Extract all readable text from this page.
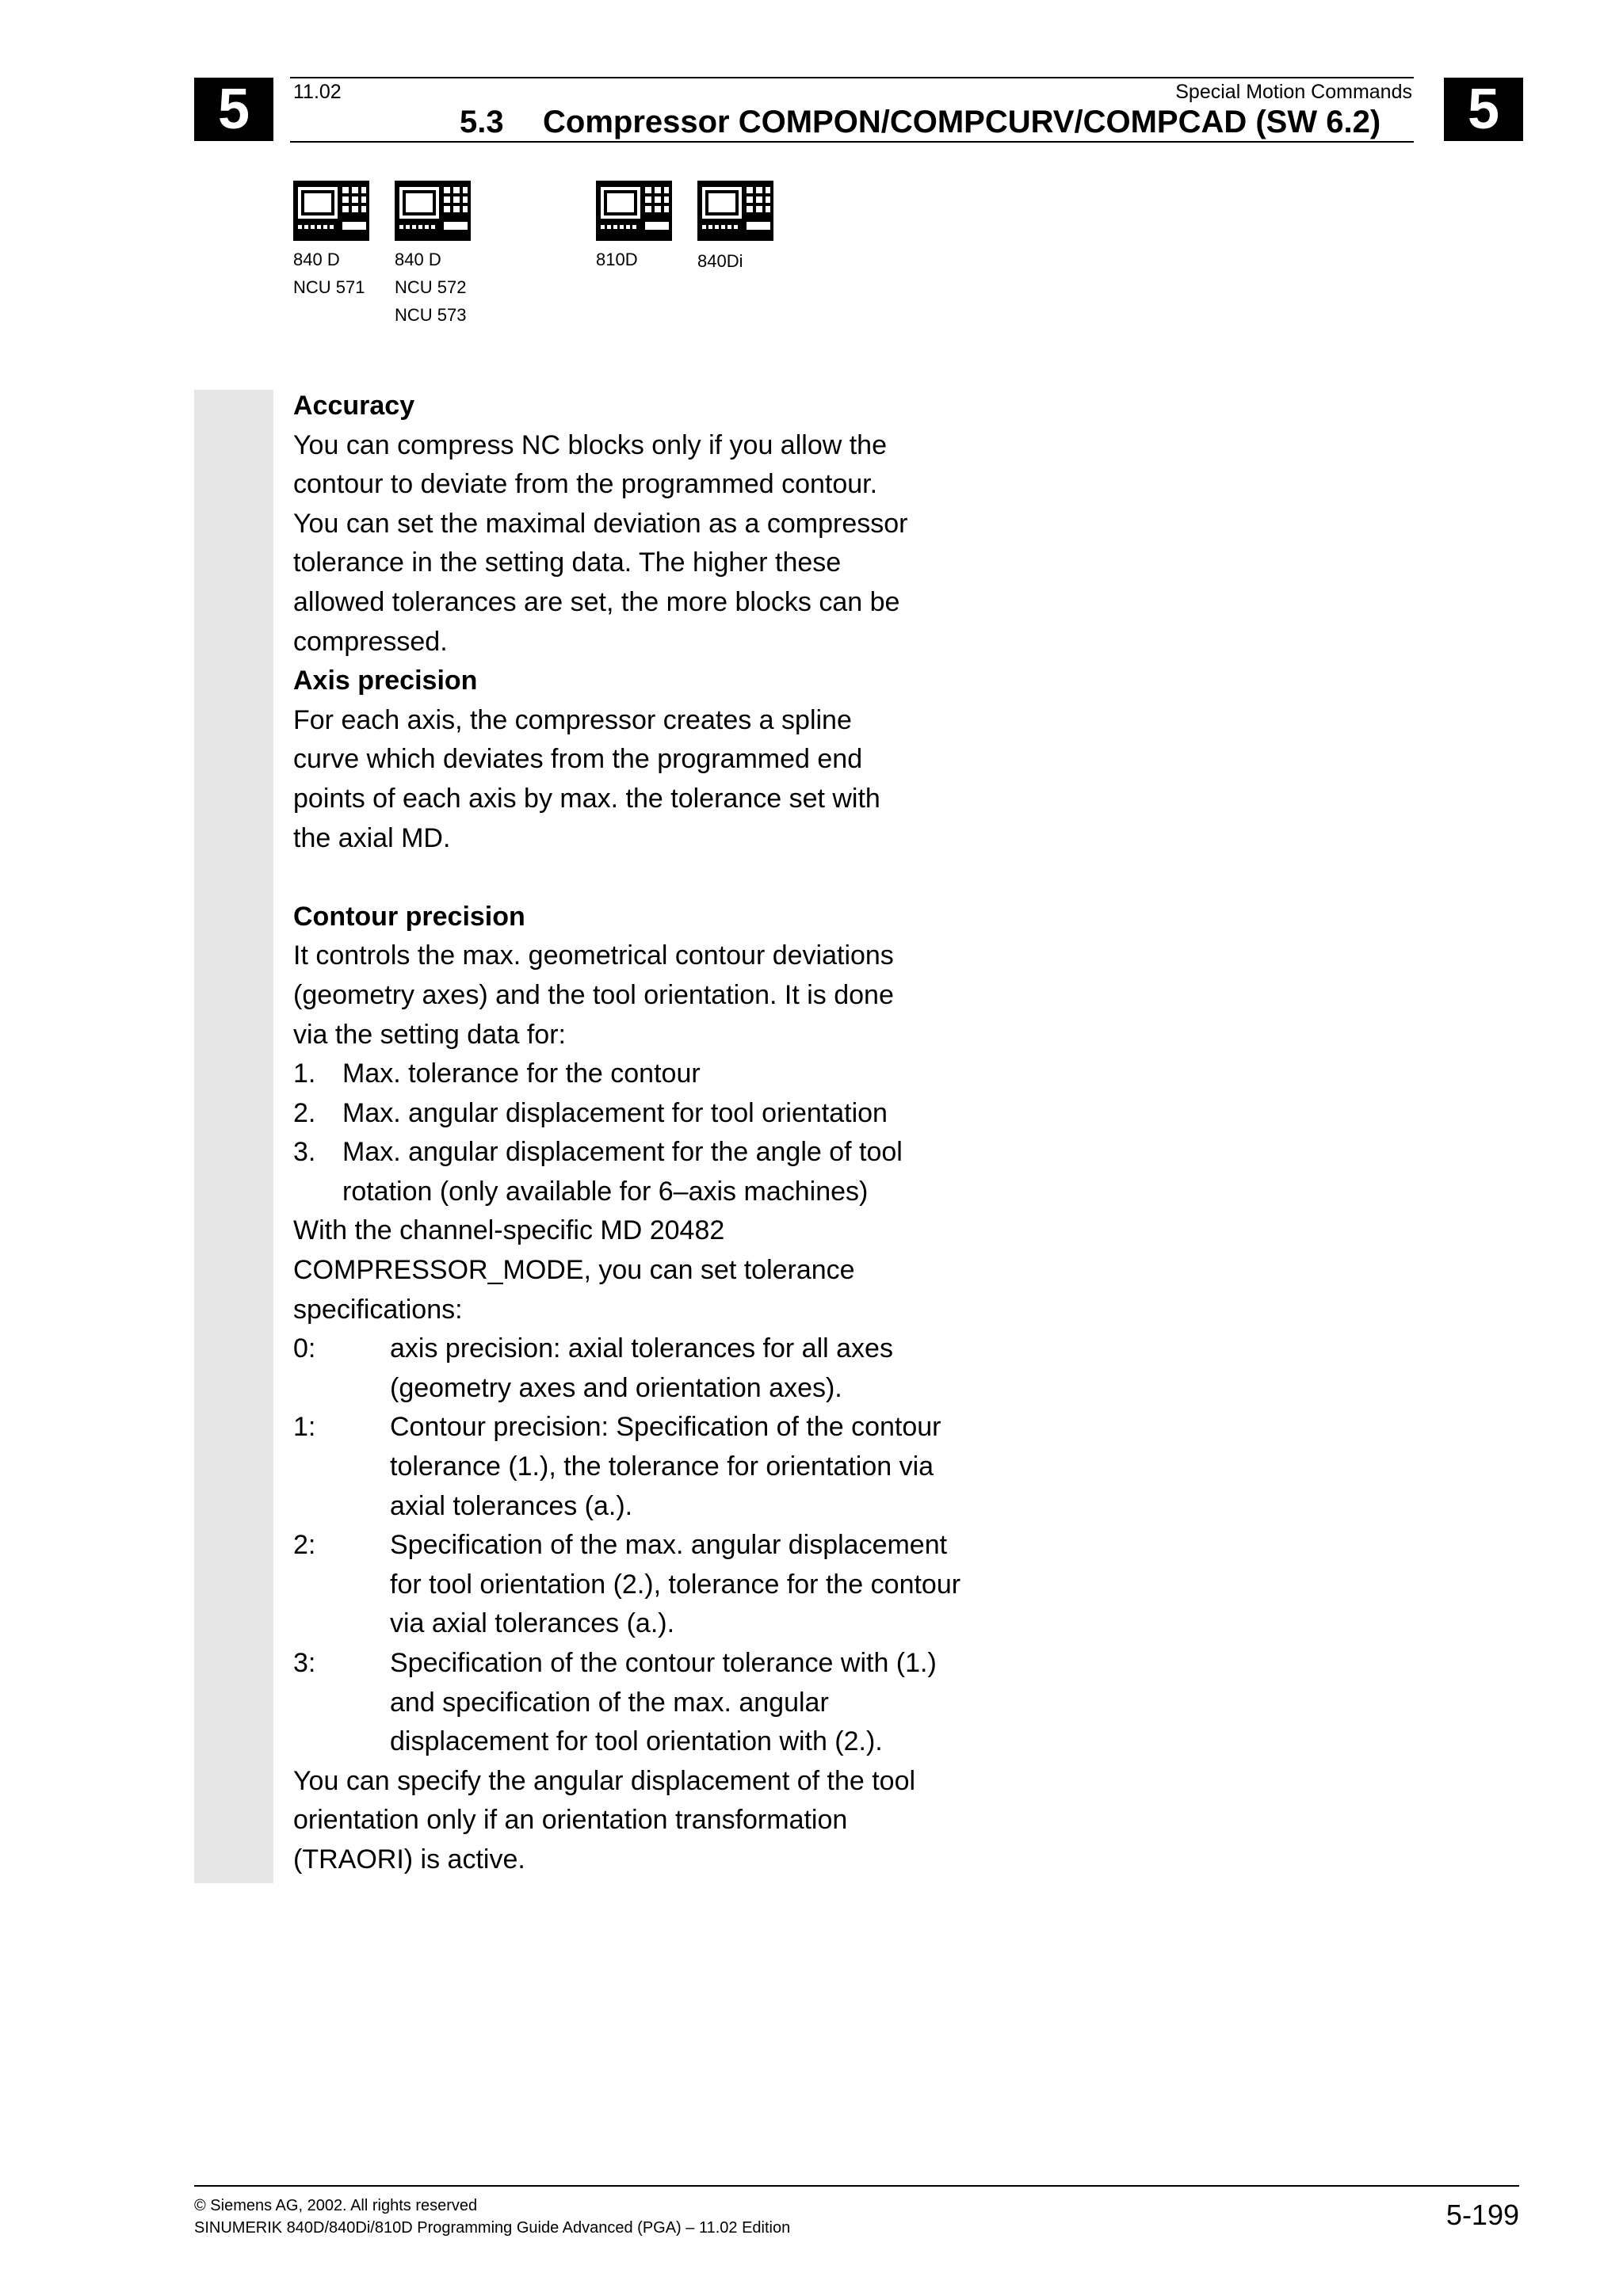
5	5
11.02	Special Motion Commands
5.3 Compressor COMPON/COMPCURV/COMPCAD (SW 6.2)
840 D
NCU 571
840 D
NCU 572
NCU 573
810D	840Di

Accuracy

You can compress NC blocks only if you allow the

contour to deviate from the programmed contour.

You can set the maximal deviation as a compressor

tolerance in the setting data. The higher these

allowed tolerances are set, the more blocks can be

compressed.

Axis precision

For each axis, the compressor creates a spline

curve which deviates from the programmed end

points of each axis by max. the tolerance set with

the axial MD.

Contour precision

It controls the max. geometrical contour deviations

(geometry axes) and the tool orientation. It is done

via the setting data for:

1. Max. tolerance for the contour

2. Max. angular displacement for tool orientation

3. Max. angular displacement for the angle of tool

rotation (only available for 6–axis machines)

With the channel-specific MD 20482

COMPRESSOR_MODE, you can set tolerance

specifications:

0:	axis precision: axial tolerances for all axes

(geometry axes and orientation axes).

1:	Contour precision: Specification of the contour

tolerance (1.), the tolerance for orientation via

axial tolerances (a.).

2:	Specification of the max. angular displacement

for tool orientation (2.), tolerance for the contour

via axial tolerances (a.).

3:	Specification of the contour tolerance with (1.)

and specification of the max. angular

displacement for tool orientation with (2.).

You can specify the angular displacement of the tool

orientation only if an orientation transformation

(TRAORI) is active.

© Siemens AG, 2002. All rights reserved
SINUMERIK 840D/840Di/810D Programming Guide Advanced (PGA) – 11.02 Edition	5-199
